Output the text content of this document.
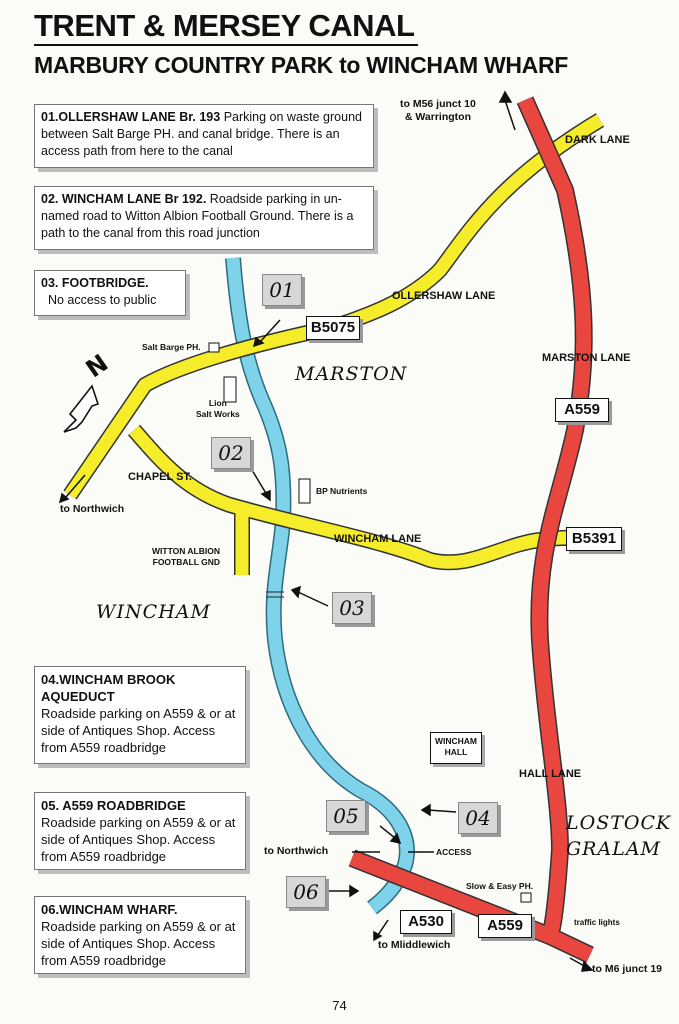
TRENT & MERSEY CANAL
MARBURY COUNTRY PARK to WINCHAM WHARF
01.OLLERSHAW LANE Br. 193 Parking on waste ground between Salt Barge PH. and canal bridge. There is an access path from here to the canal
02. WINCHAM LANE Br 192. Roadside parking in un-named road to Witton Albion Football Ground. There is a path to the canal from this road junction
03. FOOTBRIDGE.
No access to public
04.WINCHAM BROOK AQUEDUCT
Roadside parking on A559 & or at side of Antiques Shop. Access from A559 roadbridge
05. A559 ROADBRIDGE
Roadside parking on A559 & or at side of Antiques Shop. Access from A559 roadbridge
06.WINCHAM WHARF.
Roadside parking on A559 & or at side of Antiques Shop. Access from A559 roadbridge
01
02
03
04
05
06
B5075
A559
B5391
A530	A559
DARK LANE
OLLERSHAW LANE
MARSTON LANE
CHAPEL ST.
WINCHAM LANE
HALL LANE
to M56 junct 10
& Warrington
to Northwich
to Northwich
to Mliddlewich
to M6 junct 19
traffic lights
ACCESS
Salt Barge PH.
Lion
Salt Works
BP Nutrients
WITTON ALBION
FOOTBALL GND
WINCHAM
HALL
Slow & Easy PH.
MARSTON
WINCHAM
LOSTOCK
GRALAM
N
74
